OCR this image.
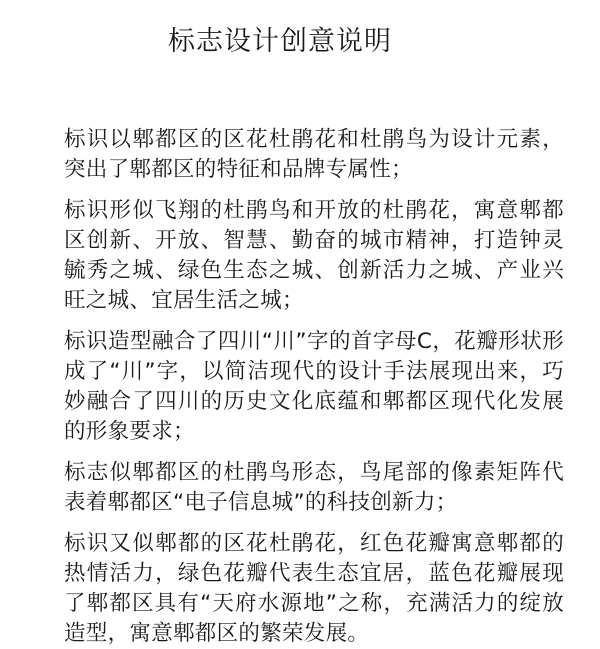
标志设计创意说明

标识以郫都区的区花杜鹃花和杜鹃鸟为设计元素，突出了郫都区的特征和品牌专属性；

标识形似飞翔的杜鹃鸟和开放的杜鹃花，寓意郫都区创新、开放、智慧、勤奋的城市精神，打造钟灵毓秀之城、绿色生态之城、创新活力之城、产业兴旺之城、宜居生活之城；

标识造型融合了四川“川”字的首字母C，花瓣形状形成了“川”字，以简洁现代的设计手法展现出来，巧妙融合了四川的历史文化底蕴和郫都区现代化发展的形象要求；

标志似郫都区的杜鹃鸟形态，鸟尾部的像素矩阵代表着郫都区“电子信息城”的科技创新力；

标识又似郫都的区花杜鹃花，红色花瓣寓意郫都的热情活力，绿色花瓣代表生态宜居，蓝色花瓣展现了郫都区具有“天府水源地”之称，充满活力的绽放造型，寓意郫都区的繁荣发展。
